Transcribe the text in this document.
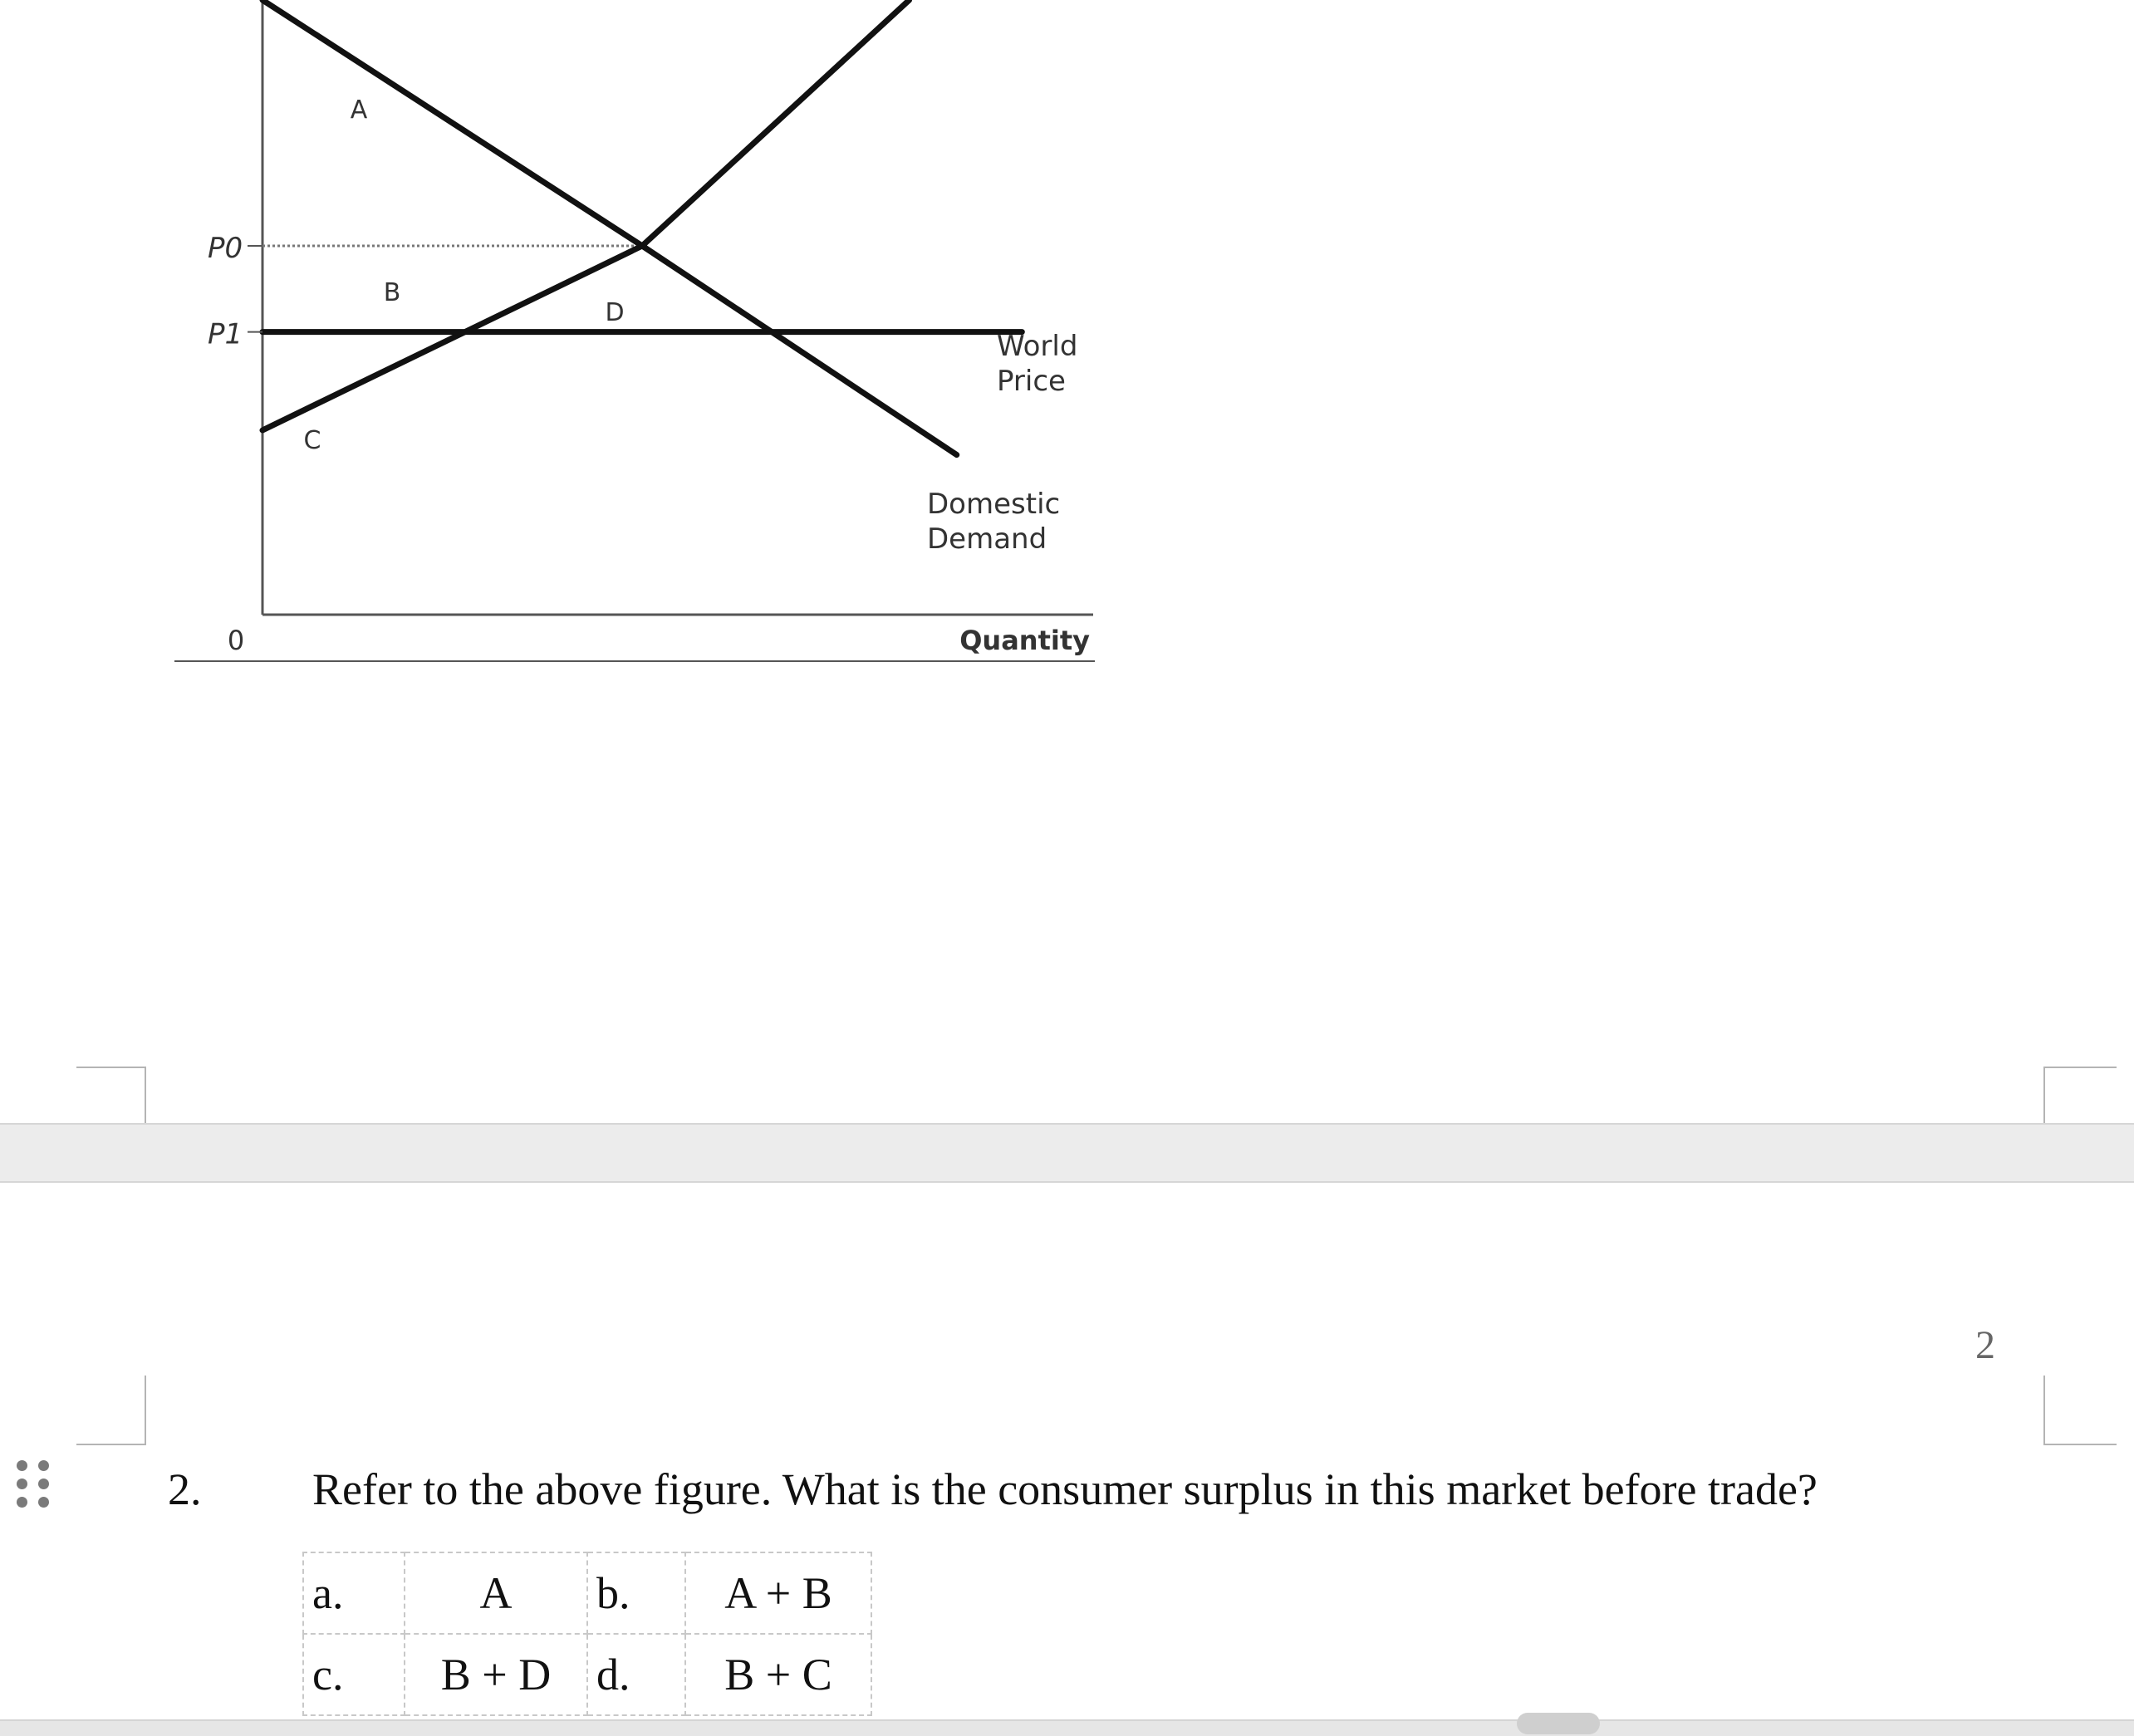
P0
P1
A
B
C
D
World
Price
Domestic
Demand
0	Quantity
2
2. Refer to the above figure. What is the consumer surplus in this market before trade?
a.	A	b.	A + B
c.	B + D	d.	B + C
